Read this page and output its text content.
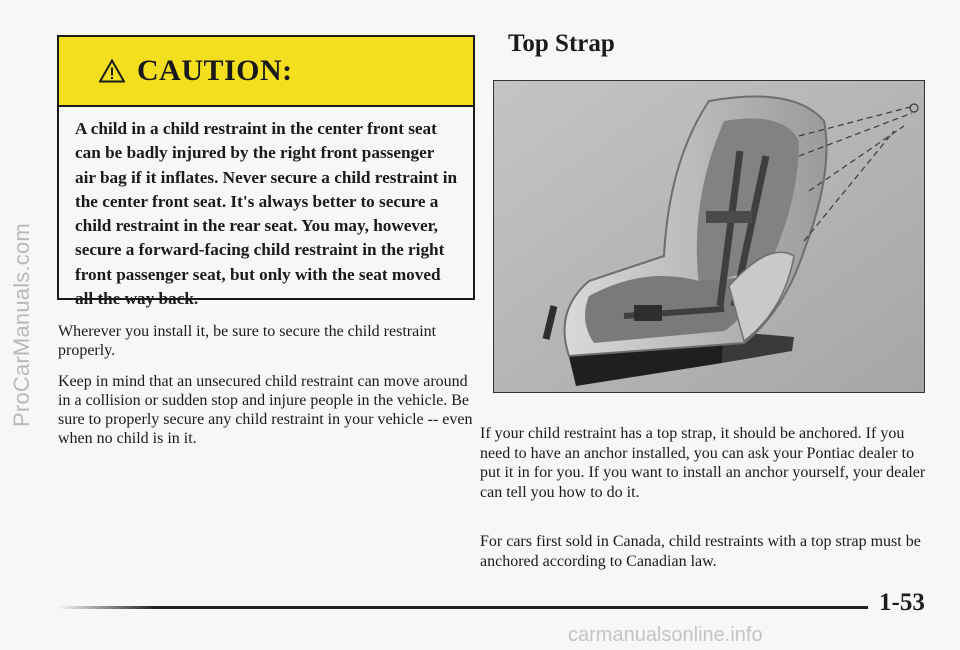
ProCarManuals.com
CAUTION:

A child in a child restraint in the center front seat can be badly injured by the right front passenger air bag if it inflates. Never secure a child restraint in the center front seat. It's always better to secure a child restraint in the rear seat. You may, however, secure a forward-facing child restraint in the right front passenger seat, but only with the seat moved all the way back.

Wherever you install it, be sure to secure the child restraint properly.

Keep in mind that an unsecured child restraint can move around in a collision or sudden stop and injure people in the vehicle. Be sure to properly secure any child restraint in your vehicle -- even when no child is in it.

Top Strap

If your child restraint has a top strap, it should be anchored. If you need to have an anchor installed, you can ask your Pontiac dealer to put it in for you. If you want to install an anchor yourself, your dealer can tell you how to do it.

For cars first sold in Canada, child restraints with a top strap must be anchored according to Canadian law.

1-53

carmanualsonline.info
